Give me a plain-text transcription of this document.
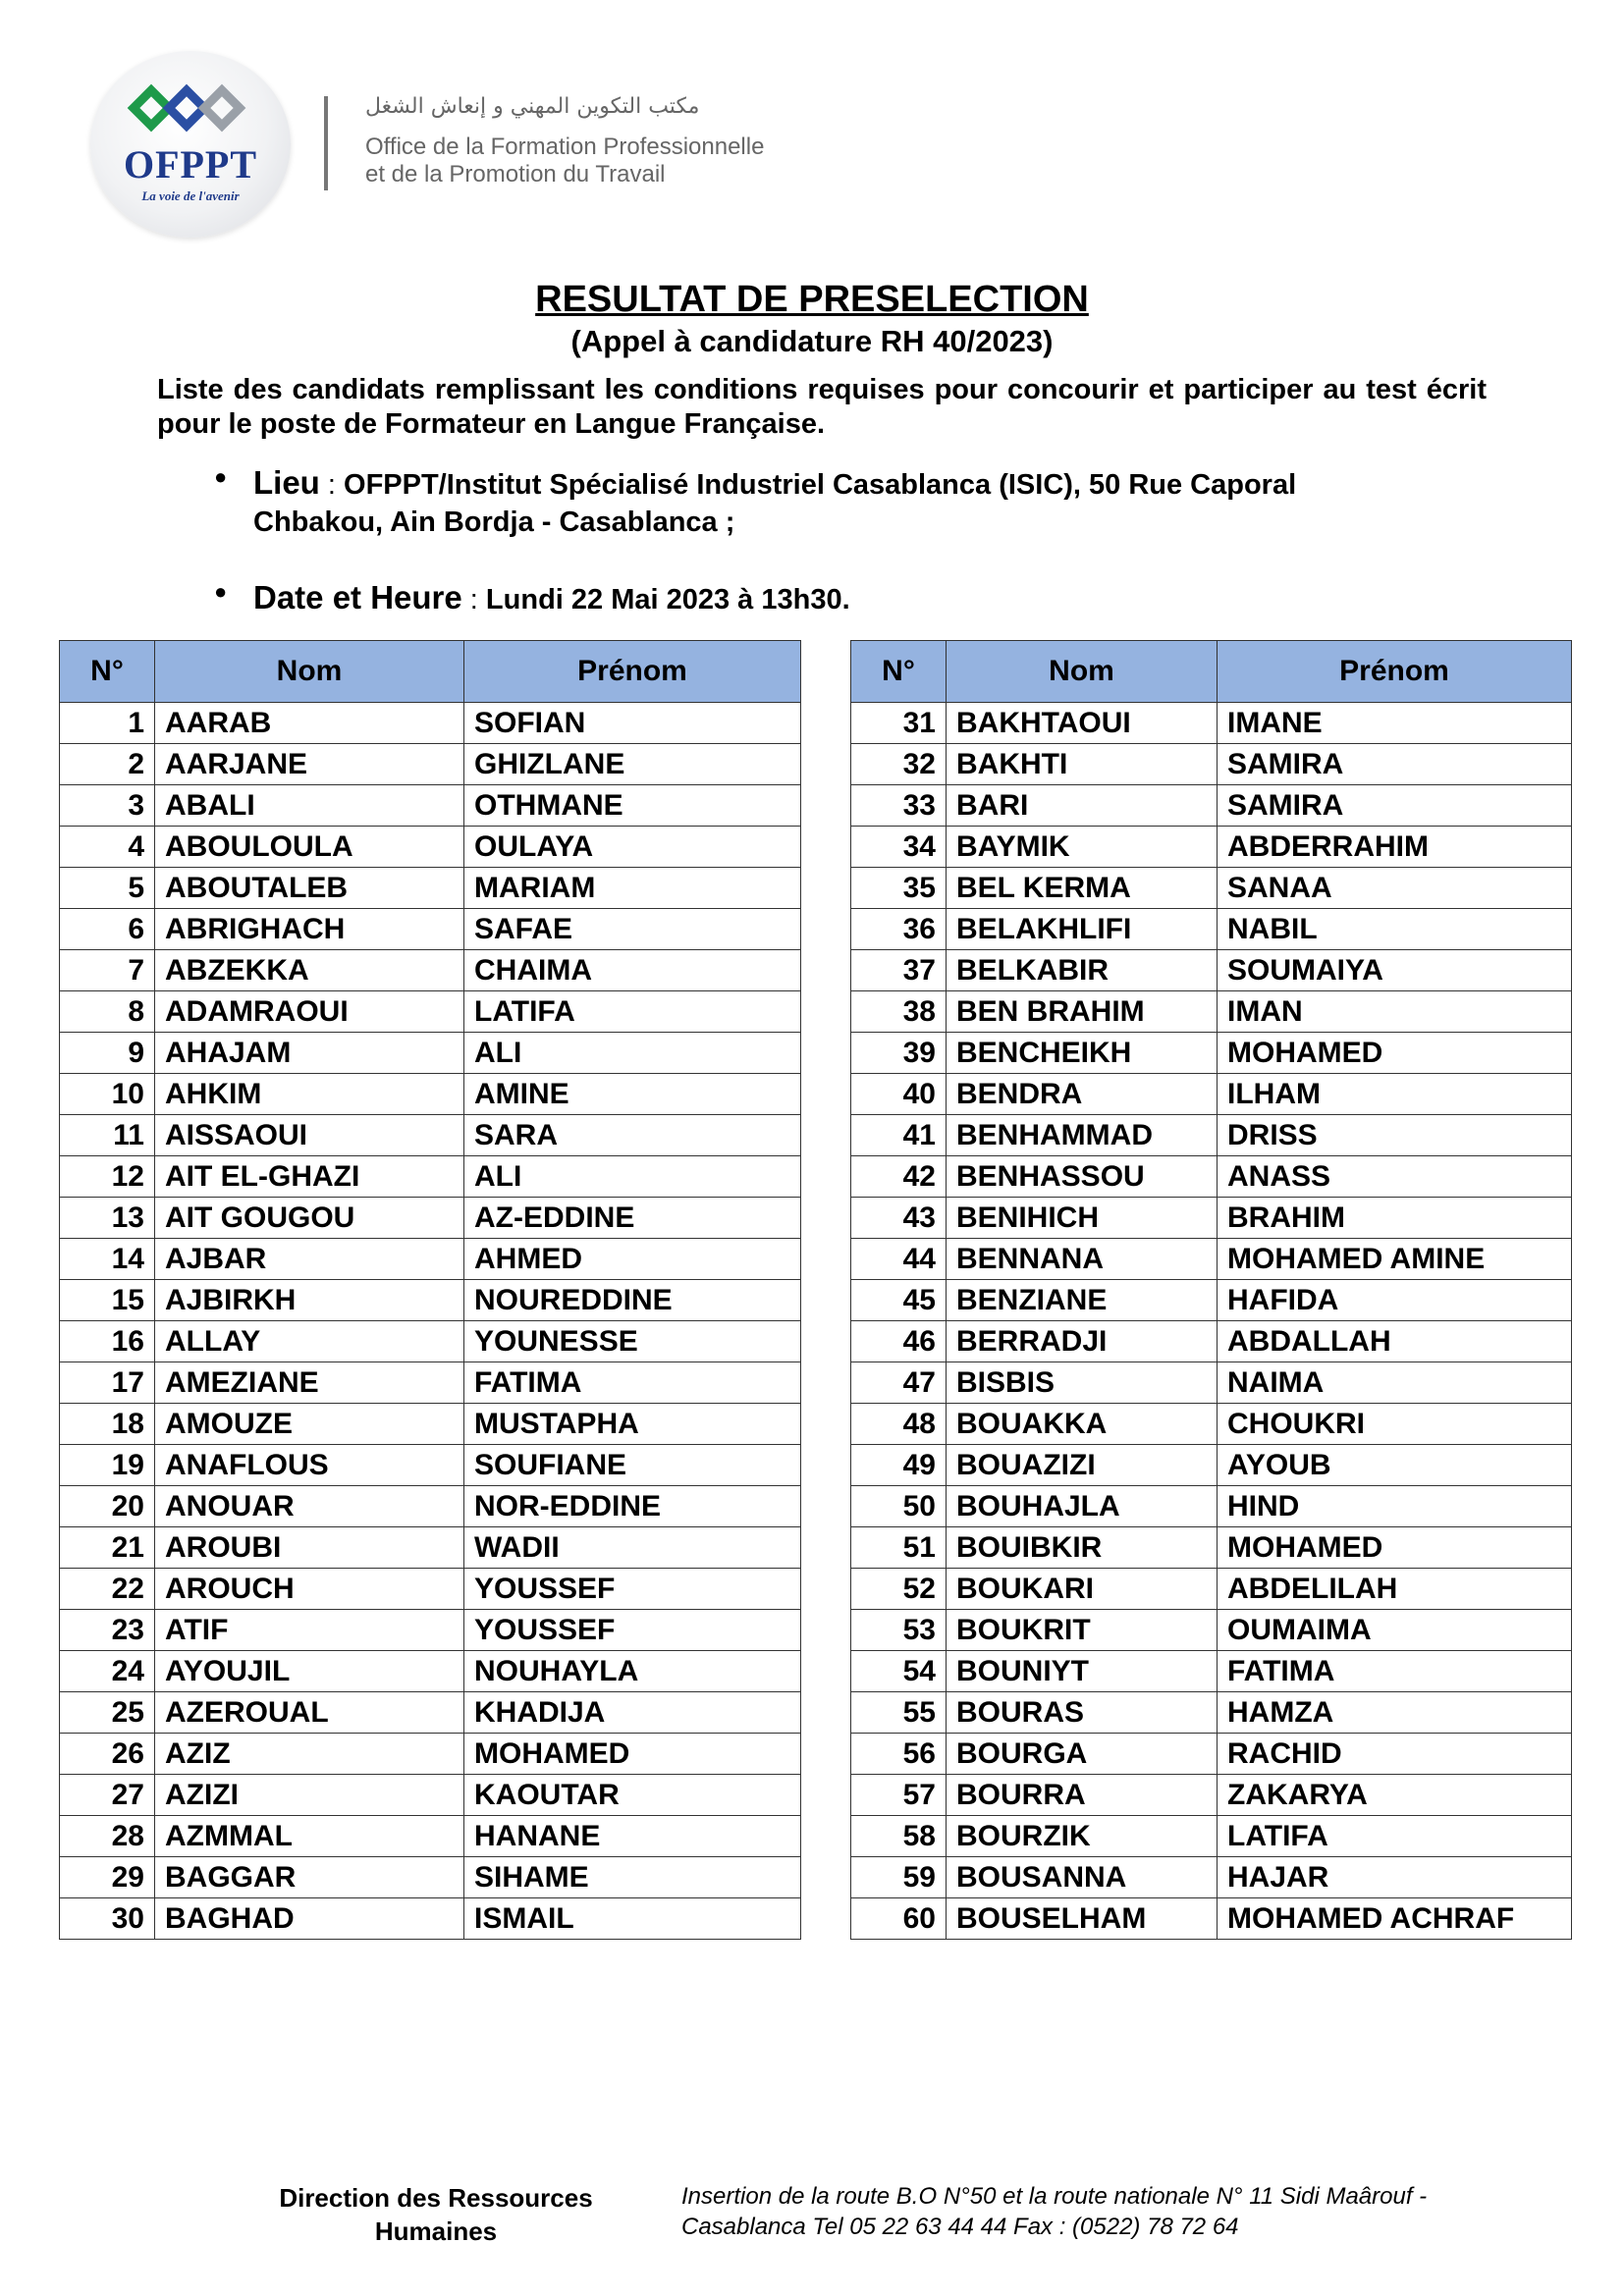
OFPPT
La voie de l'avenir
مكتب التكوين المهني و إنعاش الشغل
Office de la Formation Professionnelle
et de la Promotion du Travail
RESULTAT DE PRESELECTION
(Appel à candidature RH 40/2023)
Liste des candidats remplissant les conditions requises pour concourir et participer au test écrit pour le poste de Formateur en Langue Française.
● Lieu : OFPPT/Institut Spécialisé Industriel Casablanca (ISIC), 50 Rue Caporal Chbakou, Ain Bordja - Casablanca ;
● Date et Heure : Lundi 22 Mai 2023 à 13h30.
N°	Nom	Prénom
1	AARAB	SOFIAN
2	AARJANE	GHIZLANE
3	ABALI	OTHMANE
4	ABOULOULA	OULAYA
5	ABOUTALEB	MARIAM
6	ABRIGHACH	SAFAE
7	ABZEKKA	CHAIMA
8	ADAMRAOUI	LATIFA
9	AHAJAM	ALI
10	AHKIM	AMINE
11	AISSAOUI	SARA
12	AIT EL-GHAZI	ALI
13	AIT GOUGOU	AZ-EDDINE
14	AJBAR	AHMED
15	AJBIRKH	NOUREDDINE
16	ALLAY	YOUNESSE
17	AMEZIANE	FATIMA
18	AMOUZE	MUSTAPHA
19	ANAFLOUS	SOUFIANE
20	ANOUAR	NOR-EDDINE
21	AROUBI	WADII
22	AROUCH	YOUSSEF
23	ATIF	YOUSSEF
24	AYOUJIL	NOUHAYLA
25	AZEROUAL	KHADIJA
26	AZIZ	MOHAMED
27	AZIZI	KAOUTAR
28	AZMMAL	HANANE
29	BAGGAR	SIHAME
30	BAGHAD	ISMAIL
N°	Nom	Prénom
31	BAKHTAOUI	IMANE
32	BAKHTI	SAMIRA
33	BARI	SAMIRA
34	BAYMIK	ABDERRAHIM
35	BEL KERMA	SANAA
36	BELAKHLIFI	NABIL
37	BELKABIR	SOUMAIYA
38	BEN BRAHIM	IMAN
39	BENCHEIKH	MOHAMED
40	BENDRA	ILHAM
41	BENHAMMAD	DRISS
42	BENHASSOU	ANASS
43	BENIHICH	BRAHIM
44	BENNANA	MOHAMED AMINE
45	BENZIANE	HAFIDA
46	BERRADJI	ABDALLAH
47	BISBIS	NAIMA
48	BOUAKKA	CHOUKRI
49	BOUAZIZI	AYOUB
50	BOUHAJLA	HIND
51	BOUIBKIR	MOHAMED
52	BOUKARI	ABDELILAH
53	BOUKRIT	OUMAIMA
54	BOUNIYT	FATIMA
55	BOURAS	HAMZA
56	BOURGA	RACHID
57	BOURRA	ZAKARYA
58	BOURZIK	LATIFA
59	BOUSANNA	HAJAR
60	BOUSELHAM	MOHAMED ACHRAF
Direction des Ressources
Humaines
Insertion de la route B.O N°50 et la route nationale N° 11 Sidi Maârouf -
Casablanca Tel 05 22 63 44 44 Fax : (0522) 78 72 64
